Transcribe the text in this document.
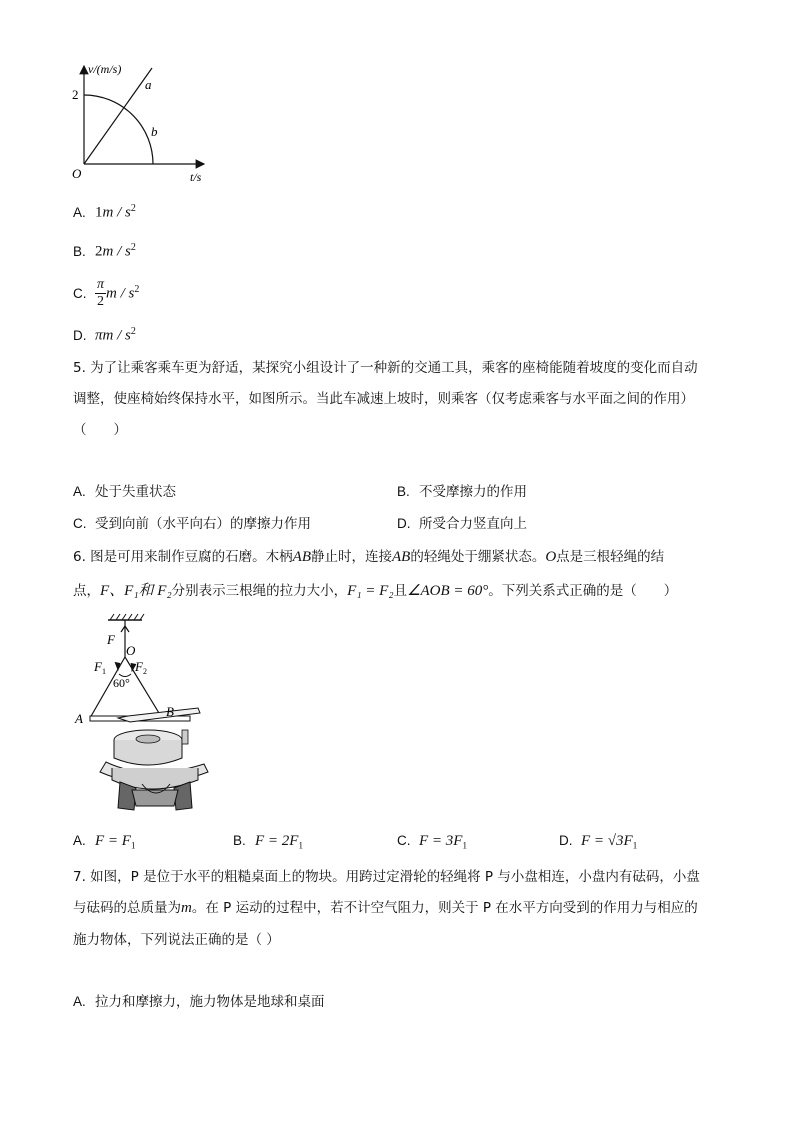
v/(m/s)
2
a
b
O	t/s
A. $1m / s^2$
B. $2m / s^2$
C. $\frac{\pi}{2}$ m / $s^2$
D. πm / $s^2$
5. 为了让乘客乘车更为舒适，某探究小组设计了一种新的交通工具，乘客的座椅能随着坡度的变化而自动
调整，使座椅始终保持水平，如图所示。当此车减速上坡时，则乘客（仅考虑乘客与水平面之间的作用）
（　　）
A. 处于失重状态	B. 不受摩擦力的作用
C. 受到向前（水平向右）的摩擦力作用	D. 所受合力竖直向上
6. 图是可用来制作豆腐的石磨。木柄AB静止时，连接AB的轻绳处于绷紧状态。O点是三根轻绳的结
点，F、F₁和 F₂分别表示三根绳的拉力大小，F₁ = F₂且∠AOB = 60°。下列关系式正确的是（　　）
F
O
$F_1$ $F_2$
60°
A	B
A. $F = F_1$	B. $F = 2F_1$	C. $F = 3F_1$	D. $F = √3F_1$
7. 如图，P 是位于水平的粗糙桌面上的物块。用跨过定滑轮的轻绳将 P 与小盘相连，小盘内有砝码，小盘
与砝码的总质量为m。在 P 运动的过程中，若不计空气阻力，则关于 P 在水平方向受到的作用力与相应的
施力物体，下列说法正确的是（ ）
A. 拉力和摩擦力，施力物体是地球和桌面
